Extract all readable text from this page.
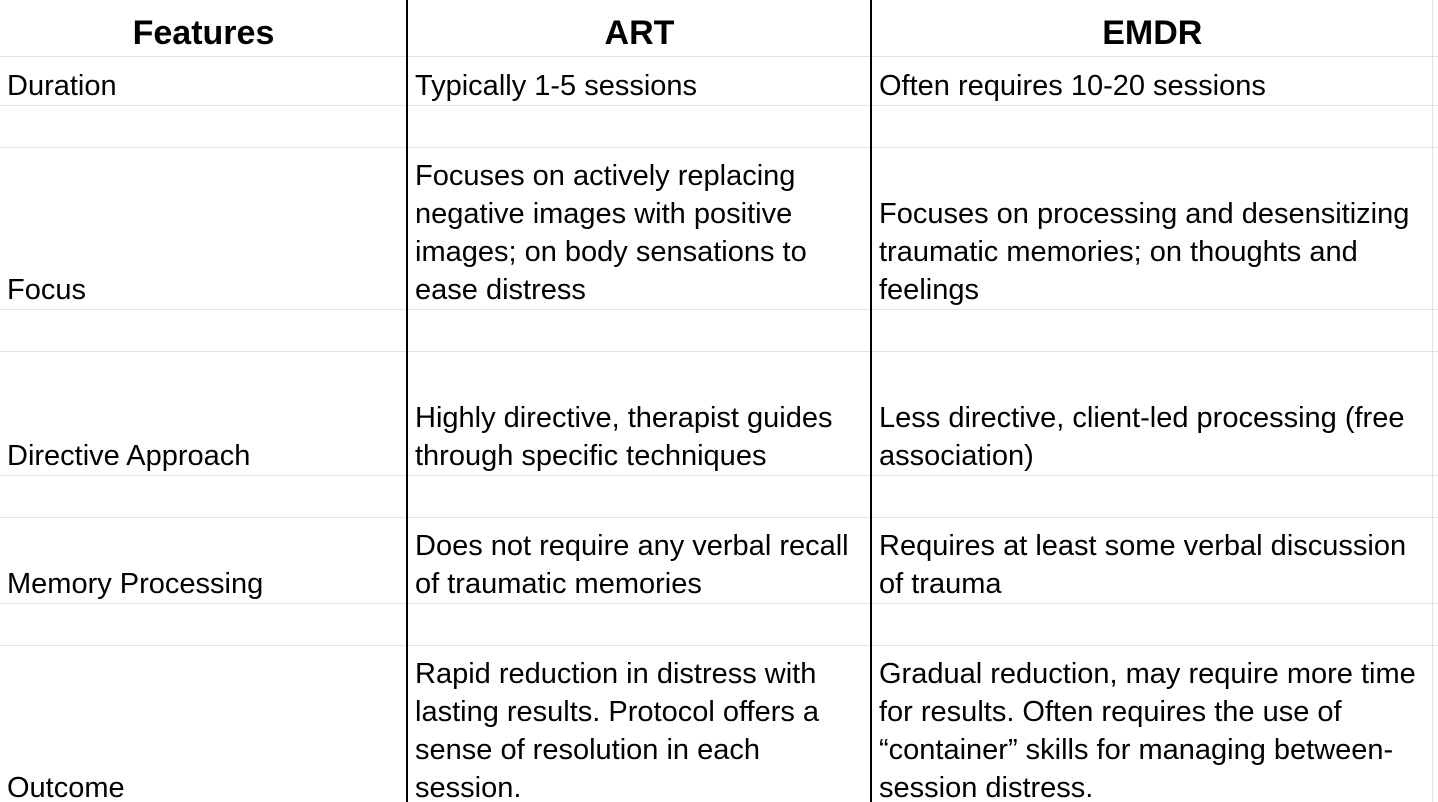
Features	ART	EMDR	
Duration	Typically 1-5 sessions	Often requires 10-20 sessions	

Focus	Focuses on actively replacing negative images with positive images; on body sensations to ease distress	Focuses on processing and desensitizing traumatic memories; on thoughts and feelings	

Directive Approach	Highly directive, therapist guides through specific techniques	Less directive, client-led processing (free association)	

Memory Processing	Does not require any verbal recall of traumatic memories	Requires at least some verbal discussion of trauma	

Outcome	Rapid reduction in distress with lasting results. Protocol offers a sense of resolution in each session.	Gradual reduction, may require more time for results. Often requires the use of “container” skills for managing between-session distress.	
